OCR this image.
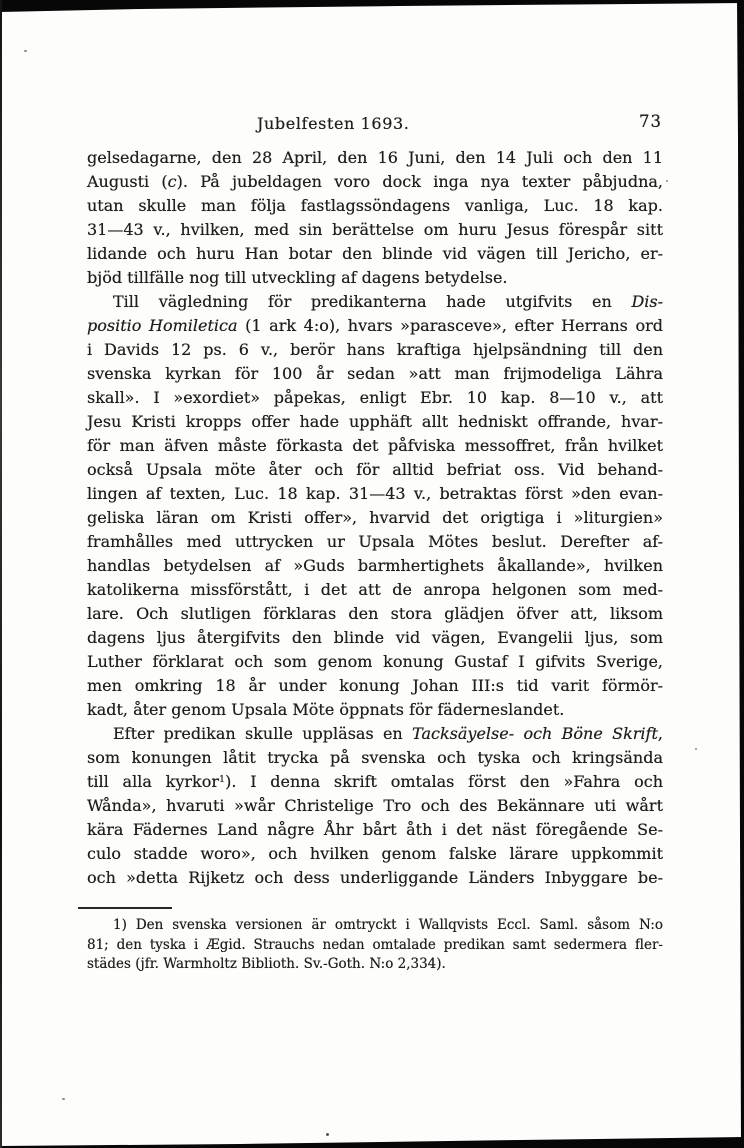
Jubelfesten 1693.	73
gelsedagarne, den 28 April, den 16 Juni, den 14 Juli och den 11
Augusti (c). På jubeldagen voro dock inga nya texter påbjudna,
utan skulle man följa fastlagssöndagens vanliga, Luc. 18 kap.
31—43 v., hvilken, med sin berättelse om huru Jesus förespår sitt
lidande och huru Han botar den blinde vid vägen till Jericho, er-
bjöd tillfälle nog till utveckling af dagens betydelse.
Till vägledning för predikanterna hade utgifvits en Dis-
positio Homiletica (1 ark 4:o), hvars »parasceve», efter Herrans ord
i Davids 12 ps. 6 v., berör hans kraftiga hjelpsändning till den
svenska kyrkan för 100 år sedan »att man frijmodeliga Lähra
skall». I »exordiet» påpekas, enligt Ebr. 10 kap. 8—10 v., att
Jesu Kristi kropps offer hade upphäft allt hedniskt offrande, hvar-
för man äfven måste förkasta det påfviska messoffret, från hvilket
också Upsala möte åter och för alltid befriat oss. Vid behand-
lingen af texten, Luc. 18 kap. 31—43 v., betraktas först »den evan-
geliska läran om Kristi offer», hvarvid det origtiga i »liturgien»
framhålles med uttrycken ur Upsala Mötes beslut. Derefter af-
handlas betydelsen af »Guds barmhertighets åkallande», hvilken
katolikerna missförstått, i det att de anropa helgonen som med-
lare. Och slutligen förklaras den stora glädjen öfver att, liksom
dagens ljus återgifvits den blinde vid vägen, Evangelii ljus, som
Luther förklarat och som genom konung Gustaf I gifvits Sverige,
men omkring 18 år under konung Johan III:s tid varit förmör-
kadt, åter genom Upsala Möte öppnats för fäderneslandet.
Efter predikan skulle uppläsas en Tacksäyelse- och Böne Skrift,
som konungen låtit trycka på svenska och tyska och kringsända
till alla kyrkor$^1$). I denna skrift omtalas först den »Fahra och
Wånda», hvaruti »wår Christelige Tro och des Bekännare uti wårt
kära Fädernes Land någre Åhr bårt åth i det näst föregående Se-
culo stadde woro», och hvilken genom falske lärare uppkommit
och »detta Rijketz och dess underliggande Länders Inbyggare be-
1) Den svenska versionen är omtryckt i Wallqvists Eccl. Saml. såsom N:o
81; den tyska i Ægid. Strauchs nedan omtalade predikan samt sedermera fler-
städes (jfr. Warmholtz Biblioth. Sv.-Goth. N:o 2,334).
